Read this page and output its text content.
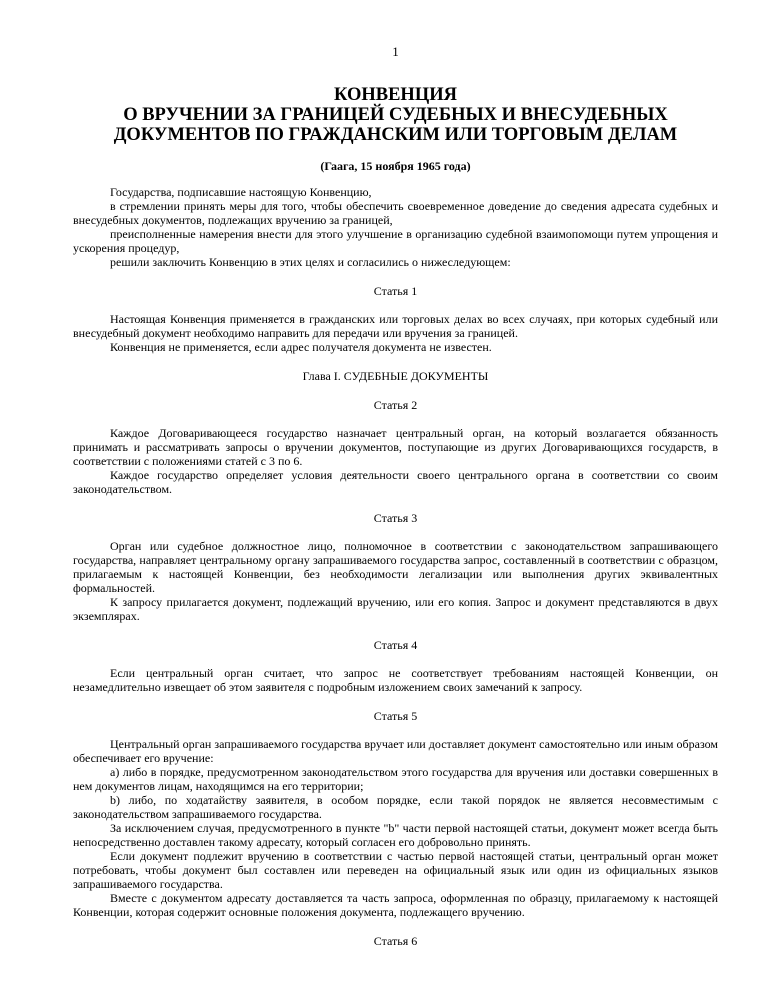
1

КОНВЕНЦИЯ

О ВРУЧЕНИИ ЗА ГРАНИЦЕЙ СУДЕБНЫХ И ВНЕСУДЕБНЫХ

ДОКУМЕНТОВ ПО ГРАЖДАНСКИМ ИЛИ ТОРГОВЫМ ДЕЛАМ

(Гаага, 15 ноября 1965 года)

Государства, подписавшие настоящую Конвенцию,

в стремлении принять меры для того, чтобы обеспечить своевременное доведение до сведения адресата судебных и внесудебных документов, подлежащих вручению за границей,

преисполненные намерения внести для этого улучшение в организацию судебной взаимопомощи путем упрощения и ускорения процедур,

решили заключить Конвенцию в этих целях и согласились о нижеследующем:

Статья 1

Настоящая Конвенция применяется в гражданских или торговых делах во всех случаях, при которых судебный или внесудебный документ необходимо направить для передачи или вручения за границей.

Конвенция не применяется, если адрес получателя документа не известен.

Глава I. СУДЕБНЫЕ ДОКУМЕНТЫ

Статья 2

Каждое Договаривающееся государство назначает центральный орган, на который возлагается обязанность принимать и рассматривать запросы о вручении документов, поступающие из других Договаривающихся государств, в соответствии с положениями статей с 3 по 6.

Каждое государство определяет условия деятельности своего центрального органа в соответствии со своим законодательством.

Статья 3

Орган или судебное должностное лицо, полномочное в соответствии с законодательством запрашивающего государства, направляет центральному органу запрашиваемого государства запрос, составленный в соответствии с образцом, прилагаемым к настоящей Конвенции, без необходимости легализации или выполнения других эквивалентных формальностей.

К запросу прилагается документ, подлежащий вручению, или его копия. Запрос и документ представляются в двух экземплярах.

Статья 4

Если центральный орган считает, что запрос не соответствует требованиям настоящей Конвенции, он незамедлительно извещает об этом заявителя с подробным изложением своих замечаний к запросу.

Статья 5

Центральный орган запрашиваемого государства вручает или доставляет документ самостоятельно или иным образом обеспечивает его вручение:

a) либо в порядке, предусмотренном законодательством этого государства для вручения или доставки совершенных в нем документов лицам, находящимся на его территории;

b) либо, по ходатайству заявителя, в особом порядке, если такой порядок не является несовместимым с законодательством запрашиваемого государства.

За исключением случая, предусмотренного в пункте "b" части первой настоящей статьи, документ может всегда быть непосредственно доставлен такому адресату, который согласен его добровольно принять.

Если документ подлежит вручению в соответствии с частью первой настоящей статьи, центральный орган может потребовать, чтобы документ был составлен или переведен на официальный язык или один из официальных языков запрашиваемого государства.

Вместе с документом адресату доставляется та часть запроса, оформленная по образцу, прилагаемому к настоящей Конвенции, которая содержит основные положения документа, подлежащего вручению.

Статья 6
